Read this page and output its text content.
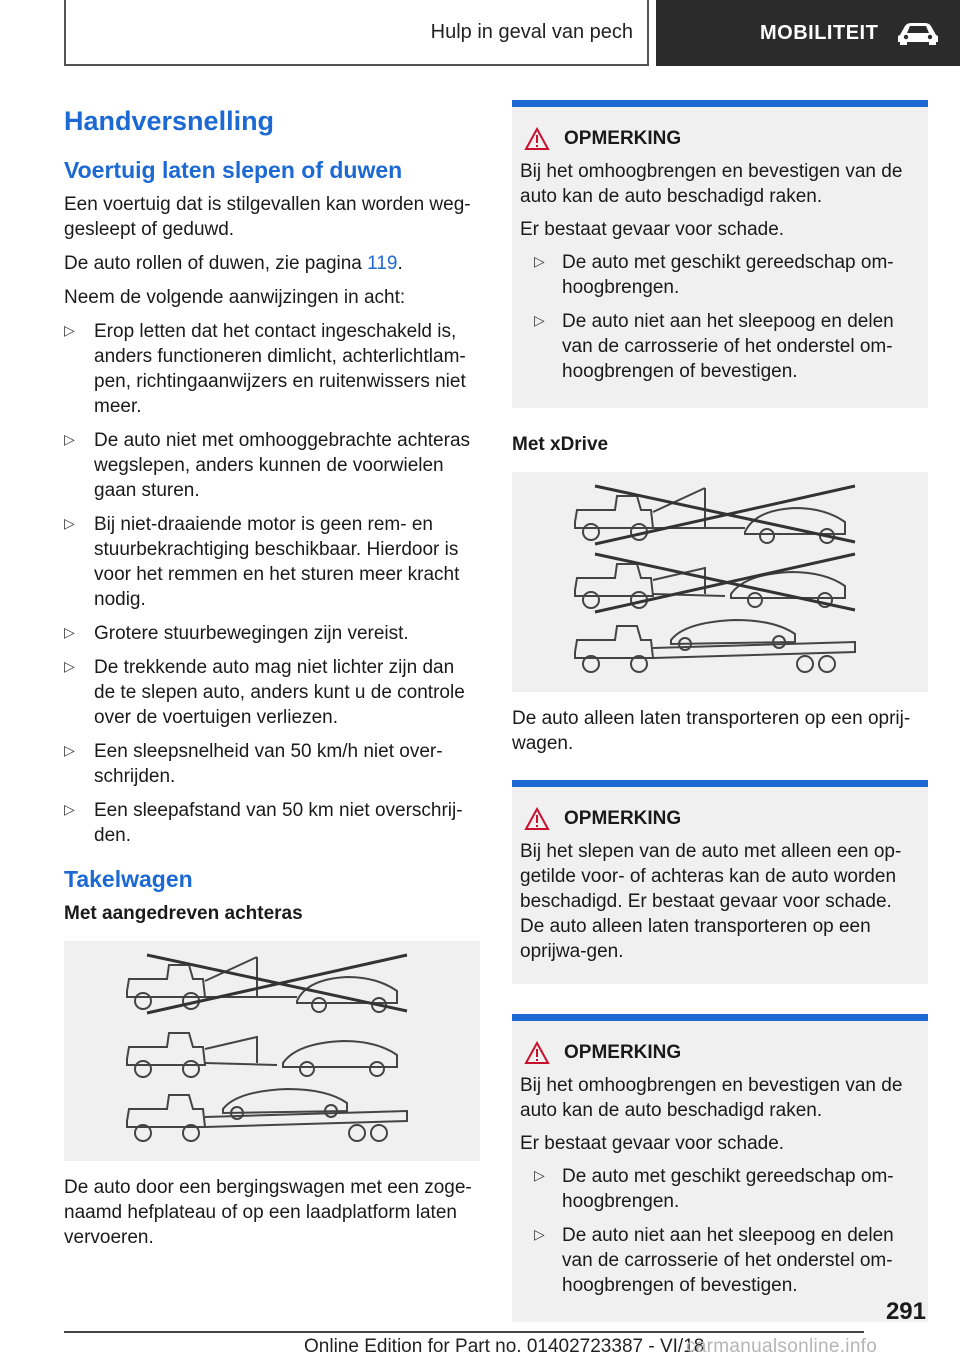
Hulp in geval van pech	MOBILITEIT
Handversnelling
Voertuig laten slepen of duwen

Een voertuig dat is stilgevallen kan worden weg-gesleept of geduwd.

De auto rollen of duwen, zie pagina 119.

Neem de volgende aanwijzingen in acht:

▷ Erop letten dat het contact ingeschakeld is, anders functioneren dimlicht, achterlichtlam-pen, richtingaanwijzers en ruitenwissers niet meer.
▷ De auto niet met omhooggebrachte achteras wegslepen, anders kunnen de voorwielen gaan sturen.
▷ Bij niet-draaiende motor is geen rem- en stuurbekrachtiging beschikbaar. Hierdoor is voor het remmen en het sturen meer kracht nodig.
▷ Grotere stuurbewegingen zijn vereist.
▷ De trekkende auto mag niet lichter zijn dan de te slepen auto, anders kunt u de controle over de voertuigen verliezen.
▷ Een sleepsnelheid van 50 km/h niet over-schrijden.
▷ Een sleepafstand van 50 km niet overschrij-den.
Takelwagen
Met aangedreven achteras

De auto door een bergingswagen met een zoge-naamd hefplateau of op een laadplatform laten vervoeren.

OPMERKING

Bij het omhoogbrengen en bevestigen van de auto kan de auto beschadigd raken.

Er bestaat gevaar voor schade.

▷ De auto met geschikt gereedschap om-hoogbrengen.
▷ De auto niet aan het sleepoog en delen van de carrosserie of het onderstel om-hoogbrengen of bevestigen.
Met xDrive

De auto alleen laten transporteren op een oprij-wagen.

OPMERKING

Bij het slepen van de auto met alleen een op-getilde voor- of achteras kan de auto worden beschadigd. Er bestaat gevaar voor schade. De auto alleen laten transporteren op een oprijwa-gen.

OPMERKING

Bij het omhoogbrengen en bevestigen van de auto kan de auto beschadigd raken.

Er bestaat gevaar voor schade.

▷ De auto met geschikt gereedschap om-hoogbrengen.
▷ De auto niet aan het sleepoog en delen van de carrosserie of het onderstel om-hoogbrengen of bevestigen.
291
Online Edition for Part no. 01402723387 - VI/18
carmanualsonline.info
